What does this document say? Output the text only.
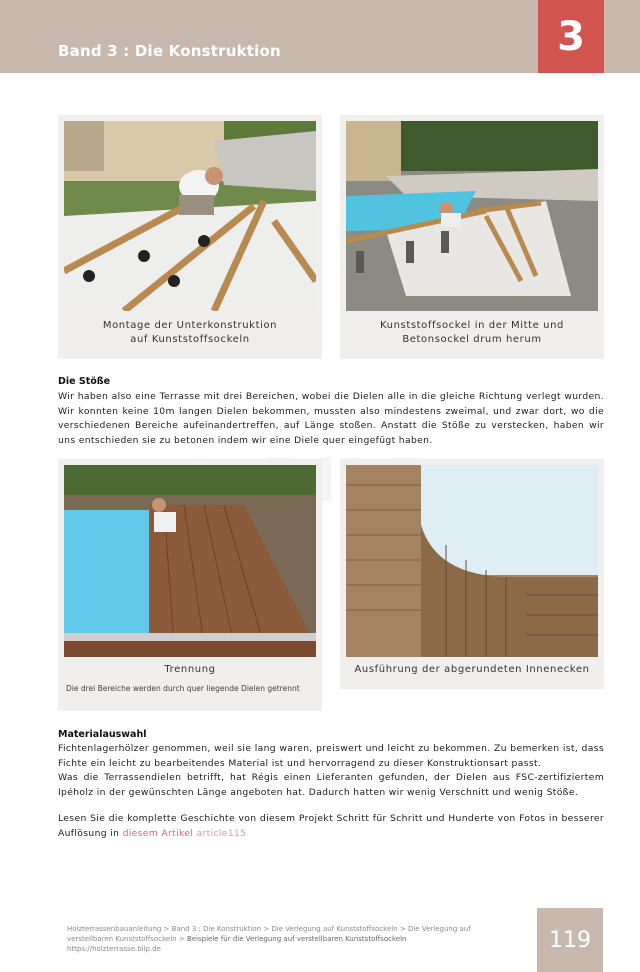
Band 3 : Die Konstruktion	3
Montage der Unterkonstruktion auf Kunststoffsockeln
Kunststoffsockel in der Mitte und Betonsockel drum herum
Die Stöße

Wir haben also eine Terrasse mit drei Bereichen, wobei die Dielen alle in die gleiche Richtung verlegt wurden. Wir konnten keine 10m langen Dielen bekommen, mussten also mindestens zweimal, und zwar dort, wo die verschiedenen Bereiche aufeinandertreffen, auf Länge stoßen. Anstatt die Stöße zu verstecken, haben wir uns entschieden sie zu betonen indem wir eine Diele quer eingefügt haben.

Trennung
Die drei Bereiche werden durch quer liegende Dielen getrennt
Ausführung der abgerundeten Innenecken
Materialauswahl

Fichtenlagerhölzer genommen, weil sie lang waren, preiswert und leicht zu bekommen. Zu bemerken ist, dass Fichte ein leicht zu bearbeitendes Material ist und hervorragend zu dieser Konstruktionsart passt.

Was die Terrassendielen betrifft, hat Régis einen Lieferanten gefunden, der Dielen aus FSC-zertifiziertem Ipéholz in der gewünschten Länge angeboten hat. Dadurch hatten wir wenig Verschnitt und wenig Stöße.

Lesen Sie die komplette Geschichte von diesem Projekt Schritt für Schritt und Hunderte von Fotos in besserer Auflösung in diesem Artikel article115

Holzterrassenbauanleitung > Band 3 : Die Konstruktion > Die Verlegung auf Kunststoffsockeln > Die Verlegung auf verstellbaren Kunststoffsockeln > Beispiele für die Verlegung auf verstellbaren Kunststoffsockeln
https://holzterrasse.bilp.de	119
